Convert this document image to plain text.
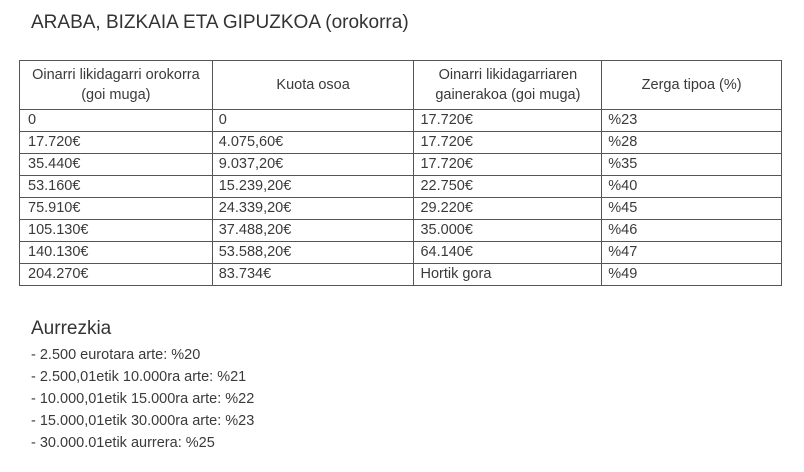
ARABA, BIZKAIA ETA GIPUZKOA (orokorra)
Oinarri likidagarri orokorra (goi muga)	Kuota osoa	Oinarri likidagarriaren gainerakoa (goi muga)	Zerga tipoa (%)
0	0	17.720€	%23
17.720€	4.075,60€	17.720€	%28
35.440€	9.037,20€	17.720€	%35
53.160€	15.239,20€	22.750€	%40
75.910€	24.339,20€	29.220€	%45
105.130€	37.488,20€	35.000€	%46
140.130€	53.588,20€	64.140€	%47
204.270€	83.734€	Hortik gora	%49
Aurrezkia
- 2.500 eurotara arte: %20
- 2.500,01etik 10.000ra arte: %21
- 10.000,01etik 15.000ra arte: %22
- 15.000,01etik 30.000ra arte: %23
- 30.000.01etik aurrera: %25
